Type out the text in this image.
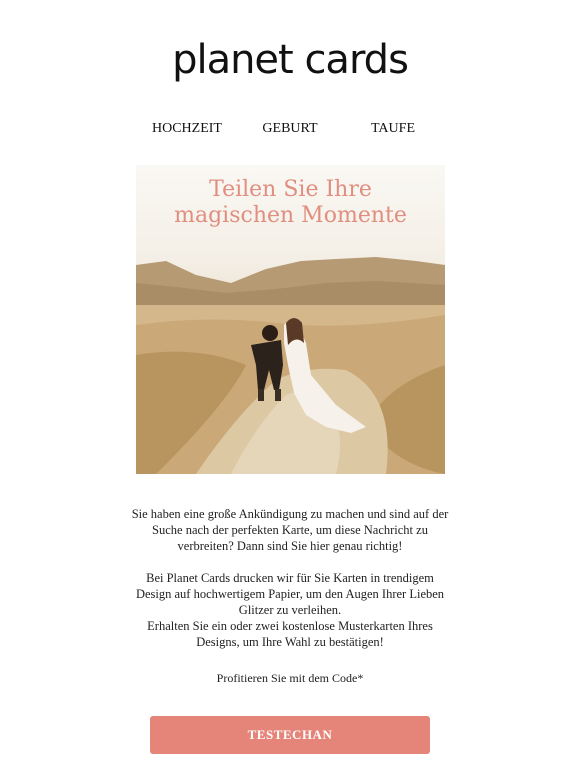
planet cards
HOCHZEIT	GEBURT	TAUFE
Teilen Sie Ihre
magischen Momente

Sie haben eine große Ankündigung zu machen und sind auf der Suche nach der perfekten Karte, um diese Nachricht zu verbreiten? Dann sind Sie hier genau richtig!

Bei Planet Cards drucken wir für Sie Karten in trendigem Design auf hochwertigem Papier, um den Augen Ihrer Lieben Glitzer zu verleihen.

Erhalten Sie ein oder zwei kostenlose Musterkarten Ihres Designs, um Ihre Wahl zu bestätigen!

Profitieren Sie mit dem Code*
TESTECHAN
